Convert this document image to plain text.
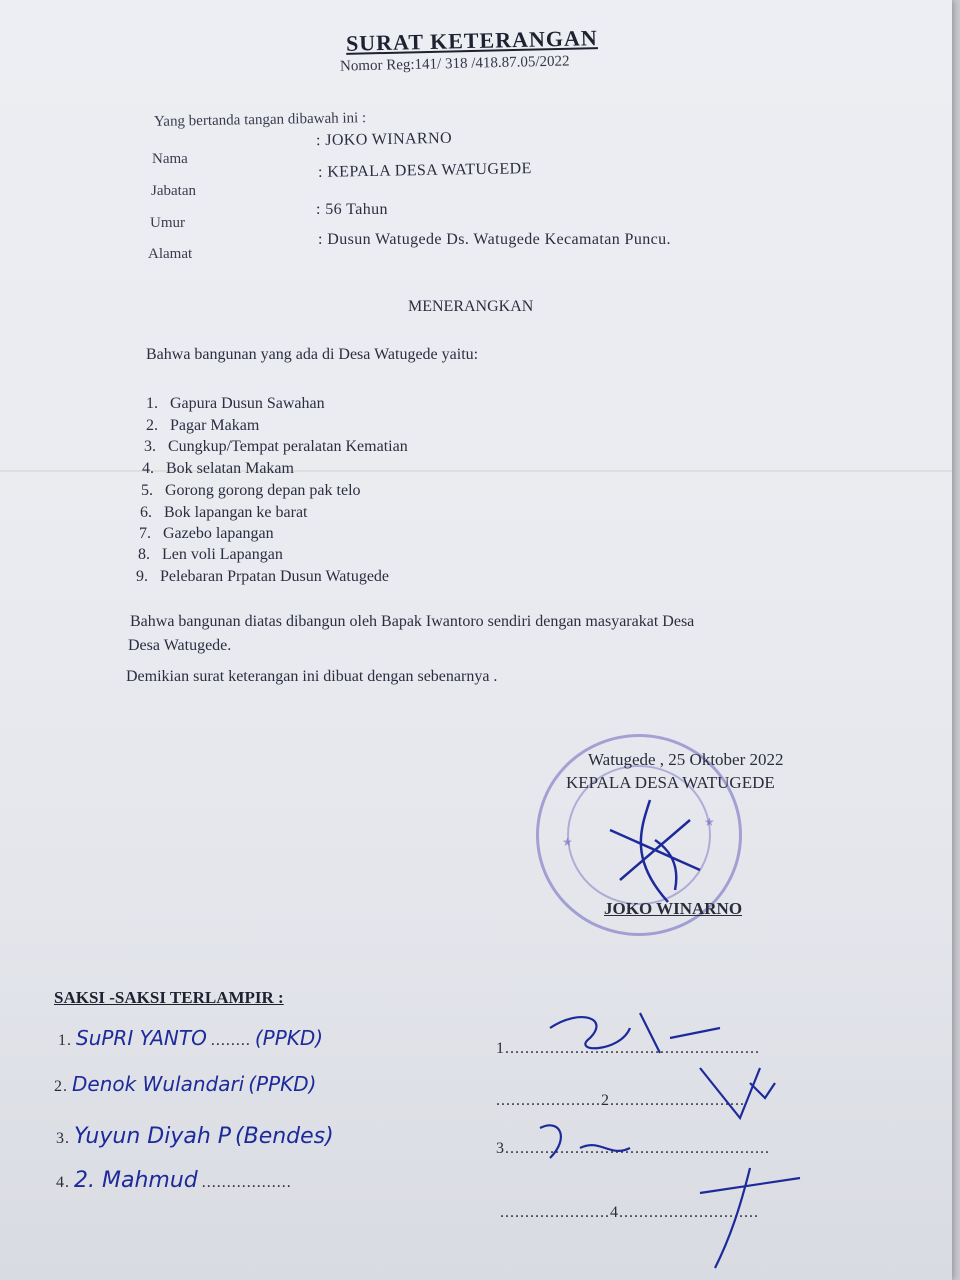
SURAT KETERANGAN
Nomor Reg:141/ 318 /418.87.05/2022
Yang bertanda tangan dibawah ini :
Nama
: JOKO WINARNO
Jabatan
: KEPALA DESA WATUGEDE
Umur
: 56 Tahun
Alamat
: Dusun Watugede Ds. Watugede Kecamatan Puncu.
MENERANGKAN
Bahwa bangunan yang ada di Desa Watugede yaitu:
1. Gapura Dusun Sawahan
2. Pagar Makam
3. Cungkup/Tempat peralatan Kematian
4. Bok selatan Makam
5. Gorong gorong depan pak telo
6. Bok lapangan ke barat
7. Gazebo lapangan
8. Len voli Lapangan
9. Pelebaran Prpatan Dusun Watugede
Bahwa bangunan diatas dibangun oleh Bapak Iwantoro sendiri dengan masyarakat Desa
Desa Watugede.
Demikian surat keterangan ini dibuat dengan sebenarnya .
★
★
Watugede , 25 Oktober 2022
KEPALA DESA WATUGEDE
JOKO WINARNO
SAKSI -SAKSI TERLAMPIR :
1. SuPRI YANTO ........ (PPKD)
2. Denok Wulandari (PPKD)
3. Yuyun Diyah P (Bendes)
4. 2. Mahmud ..................
1...................................................
.....................2...........................
3.....................................................
......................4............................
